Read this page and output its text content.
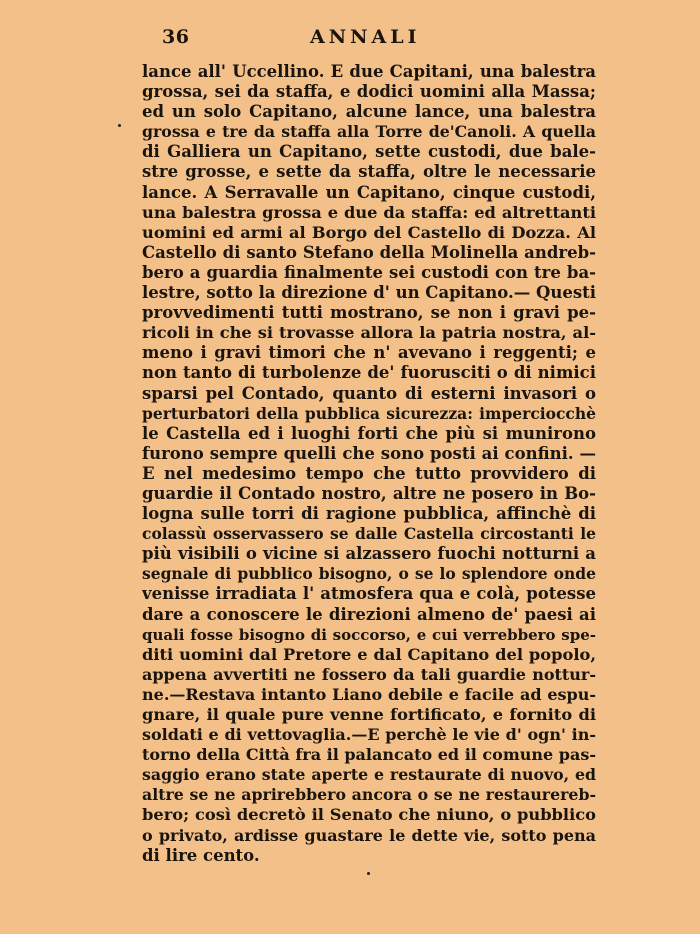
36	ANNALI
lance all' Uccellino. E due Capitani, una balestra
grossa, sei da staffa, e dodici uomini alla Massa;
ed un solo Capitano, alcune lance, una balestra
grossa e tre da staffa alla Torre de'Canoli. A quella
di Galliera un Capitano, sette custodi, due bale-
stre grosse, e sette da staffa, oltre le necessarie
lance. A Serravalle un Capitano, cinque custodi,
una balestra grossa e due da staffa: ed altrettanti
uomini ed armi al Borgo del Castello di Dozza. Al
Castello di santo Stefano della Molinella andreb-
bero a guardia finalmente sei custodi con tre ba-
lestre, sotto la direzione d' un Capitano.— Questi
provvedimenti tutti mostrano, se non i gravi pe-
ricoli in che si trovasse allora la patria nostra, al-
meno i gravi timori che n' avevano i reggenti; e
non tanto di turbolenze de' fuorusciti o di nimici
sparsi pel Contado, quanto di esterni invasori o
perturbatori della pubblica sicurezza: imperciocchè
le Castella ed i luoghi forti che più si munirono
furono sempre quelli che sono posti ai confini. —
E nel medesimo tempo che tutto provvidero di
guardie il Contado nostro, altre ne posero in Bo-
logna sulle torri di ragione pubblica, affinchè di
colassù osservassero se dalle Castella circostanti le
più visibili o vicine si alzassero fuochi notturni a
segnale di pubblico bisogno, o se lo splendore onde
venisse irradiata l' atmosfera qua e colà, potesse
dare a conoscere le direzioni almeno de' paesi ai
quali fosse bisogno di soccorso, e cui verrebbero spe-
diti uomini dal Pretore e dal Capitano del popolo,
appena avvertiti ne fossero da tali guardie nottur-
ne.—Restava intanto Liano debile e facile ad espu-
gnare, il quale pure venne fortificato, e fornito di
soldati e di vettovaglia.—E perchè le vie d' ogn' in-
torno della Città fra il palancato ed il comune pas-
saggio erano state aperte e restaurate di nuovo, ed
altre se ne aprirebbero ancora o se ne restaurereb-
bero; così decretò il Senato che niuno, o pubblico
o privato, ardisse guastare le dette vie, sotto pena
di lire cento.
